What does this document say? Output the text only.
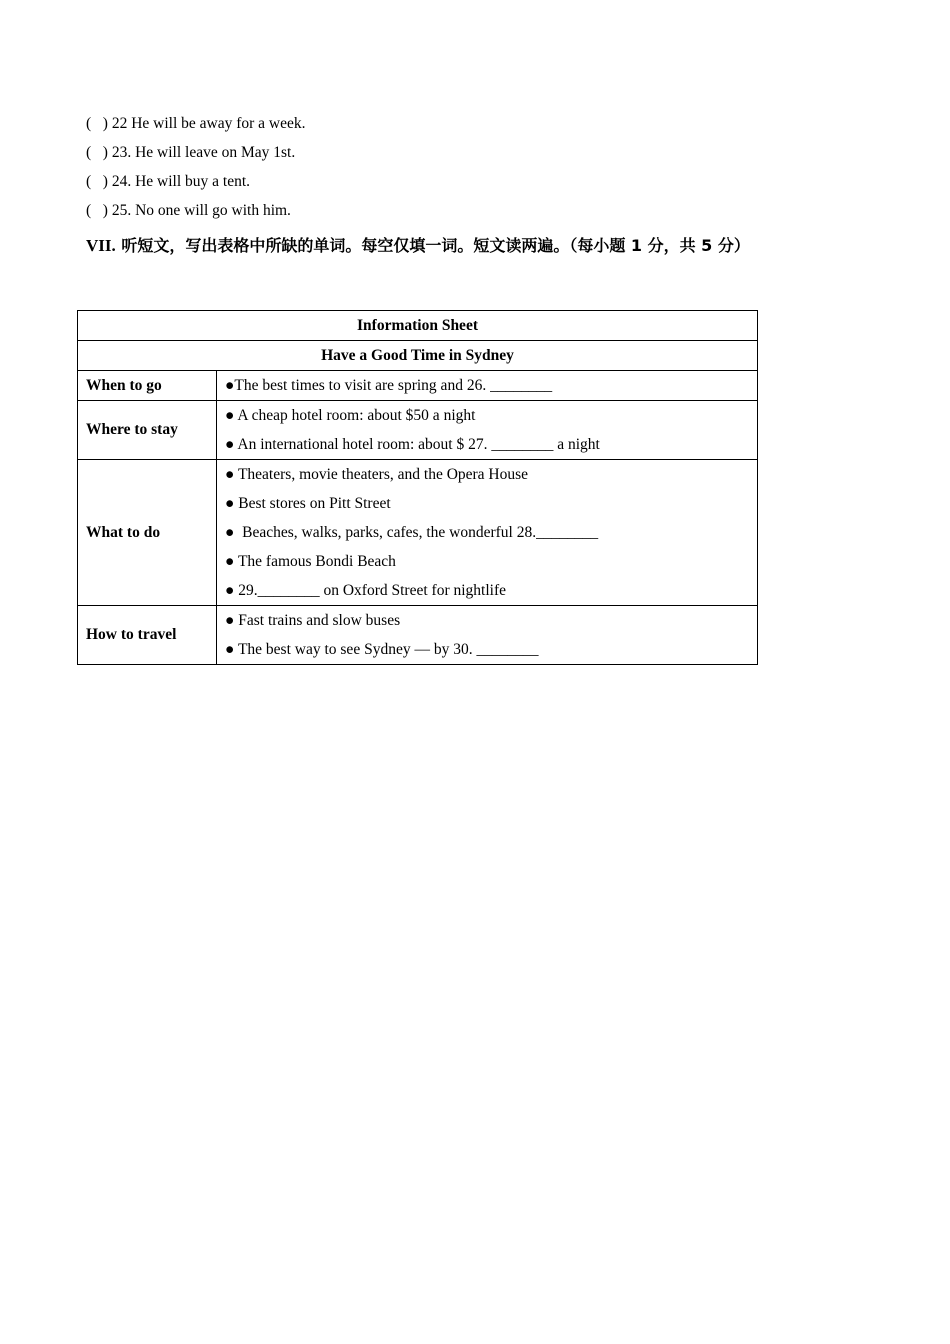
(   ) 22 He will be away for a week.
(   ) 23. He will leave on May 1st.
(   ) 24. He will buy a tent.
(   ) 25. No one will go with him.
VII. 听短文，写出表格中所缺的单词。每空仅填一词。短文读两遍。（每小题 1 分，共 5 分）
Information Sheet	
Have a Good Time in Sydney	
When to go	●The best times to visit are spring and 26. ________

Where to stay	● A cheap hotel room: about $50 a night
● An international hotel room: about $ 27. ________ a night

What to do	● Theaters, movie theaters, and the Opera House
● Best stores on Pitt Street
●  Beaches, walks, parks, cafes, the wonderful 28.________
● The famous Bondi Beach
● 29.________ on Oxford Street for nightlife

How to travel	● Fast trains and slow buses
● The best way to see Sydney — by 30. ________
